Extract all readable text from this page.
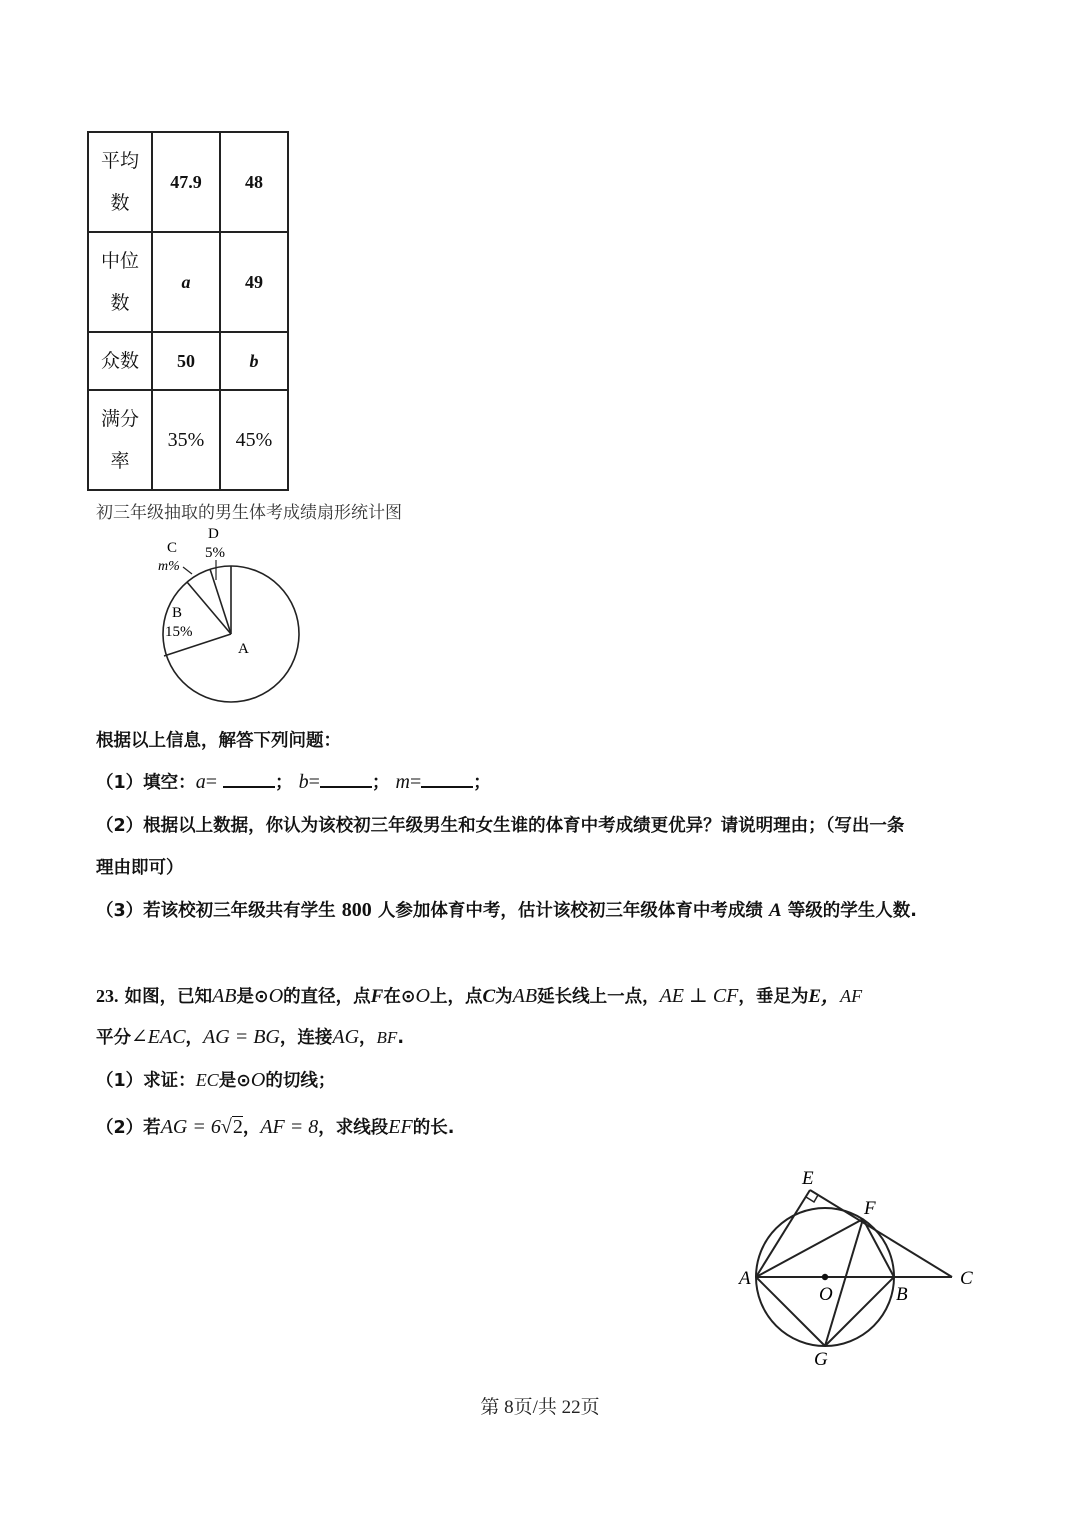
平均
数	47.9	48
中位
数	a	49
众数	50	b
满分
率	35%	45%
初三年级抽取的男生体考成绩扇形统计图
D
5%
C
m%
B
15%
A
根据以上信息，解答下列问题：
（1）填空：a=	； b=	； m=	；
（2）根据以上数据，你认为该校初三年级男生和女生谁的体育中考成绩更优异？请说明理由；（写出一条
理由即可）
（3）若该校初三年级共有学生 800 人参加体育中考，估计该校初三年级体育中考成绩 A 等级的学生人数.
23. 如图，已知AB是⊙O的直径，点F在⊙O上，点C为AB延长线上一点，AE ⊥ CF，垂足为E，AF
平分∠EAC，AG = BG，连接AG，BF.
（1）求证：EC是⊙O的切线；
（2）若AG = 6√2，AF = 8，求线段EF的长.
E
F
A
O	B
C
G
第 8页/共 22页
